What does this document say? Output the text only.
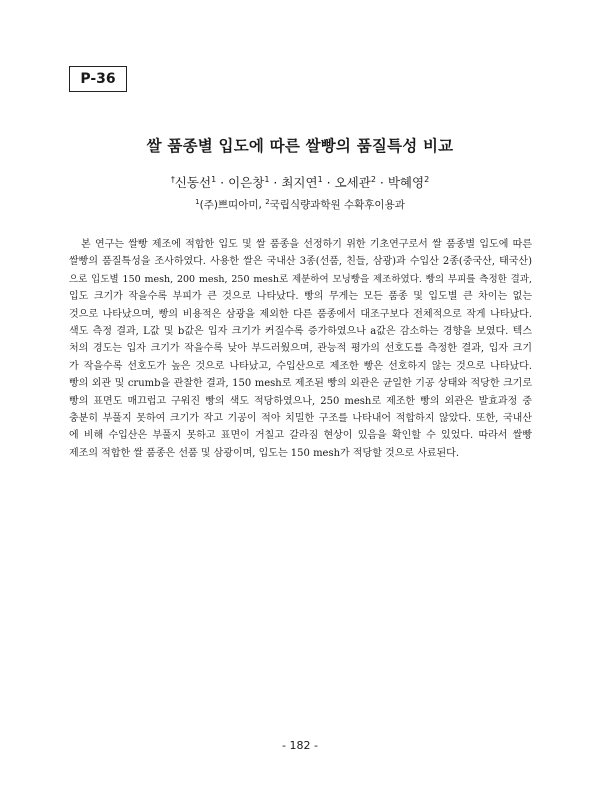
P-36
쌀 품종별 입도에 따른 쌀빵의 품질특성 비교
†신동선$^1$ · 이은창$^1$ · 최지연$^1$ · 오세관$^2$ · 박혜영$^2$
$^1$(주)쁘띠아미, $^2$국립식량과학원 수확후이용과
본 연구는 쌀빵 제조에 적합한 입도 및 쌀 품종을 선정하기 위한 기초연구로서 쌀 품종별 입도에 따른
쌀빵의 품질특성을 조사하였다. 사용한 쌀은 국내산 3종(선품, 친들, 삼광)과 수입산 2종(중국산, 태국산)
으로 입도별 150 mesh, 200 mesh, 250 mesh로 제분하여 모닝빵을 제조하였다. 빵의 부피를 측정한 결과,
입도 크기가 작을수록 부피가 큰 것으로 나타났다. 빵의 무게는 모든 품종 및 입도별 큰 차이는 없는
것으로 나타났으며, 빵의 비용적은 삼광을 제외한 다른 품종에서 대조구보다 전체적으로 작게 나타났다.
색도 측정 결과, L값 및 b값은 입자 크기가 커질수록 증가하였으나 a값은 감소하는 경향을 보였다. 텍스
처의 경도는 입자 크기가 작을수록 낮아 부드러웠으며, 관능적 평가의 선호도를 측정한 결과, 입자 크기
가 작을수록 선호도가 높은 것으로 나타났고, 수입산으로 제조한 빵은 선호하지 않는 것으로 나타났다.
빵의 외관 및 crumb을 관찰한 결과, 150 mesh로 제조된 빵의 외관은 균일한 기공 상태와 적당한 크기로
빵의 표면도 매끄럽고 구워진 빵의 색도 적당하였으나, 250 mesh로 제조한 빵의 외관은 발효과정 중
충분히 부풀지 못하여 크기가 작고 기공이 적아 치밀한 구조를 나타내어 적합하지 않았다. 또한, 국내산
에 비해 수입산은 부풀지 못하고 표면이 거칠고 갈라짐 현상이 있음을 확인할 수 있었다. 따라서 쌀빵
제조의 적합한 쌀 품종은 선품 및 삼광이며, 입도는 150 mesh가 적당할 것으로 사료된다.
- 182 -
